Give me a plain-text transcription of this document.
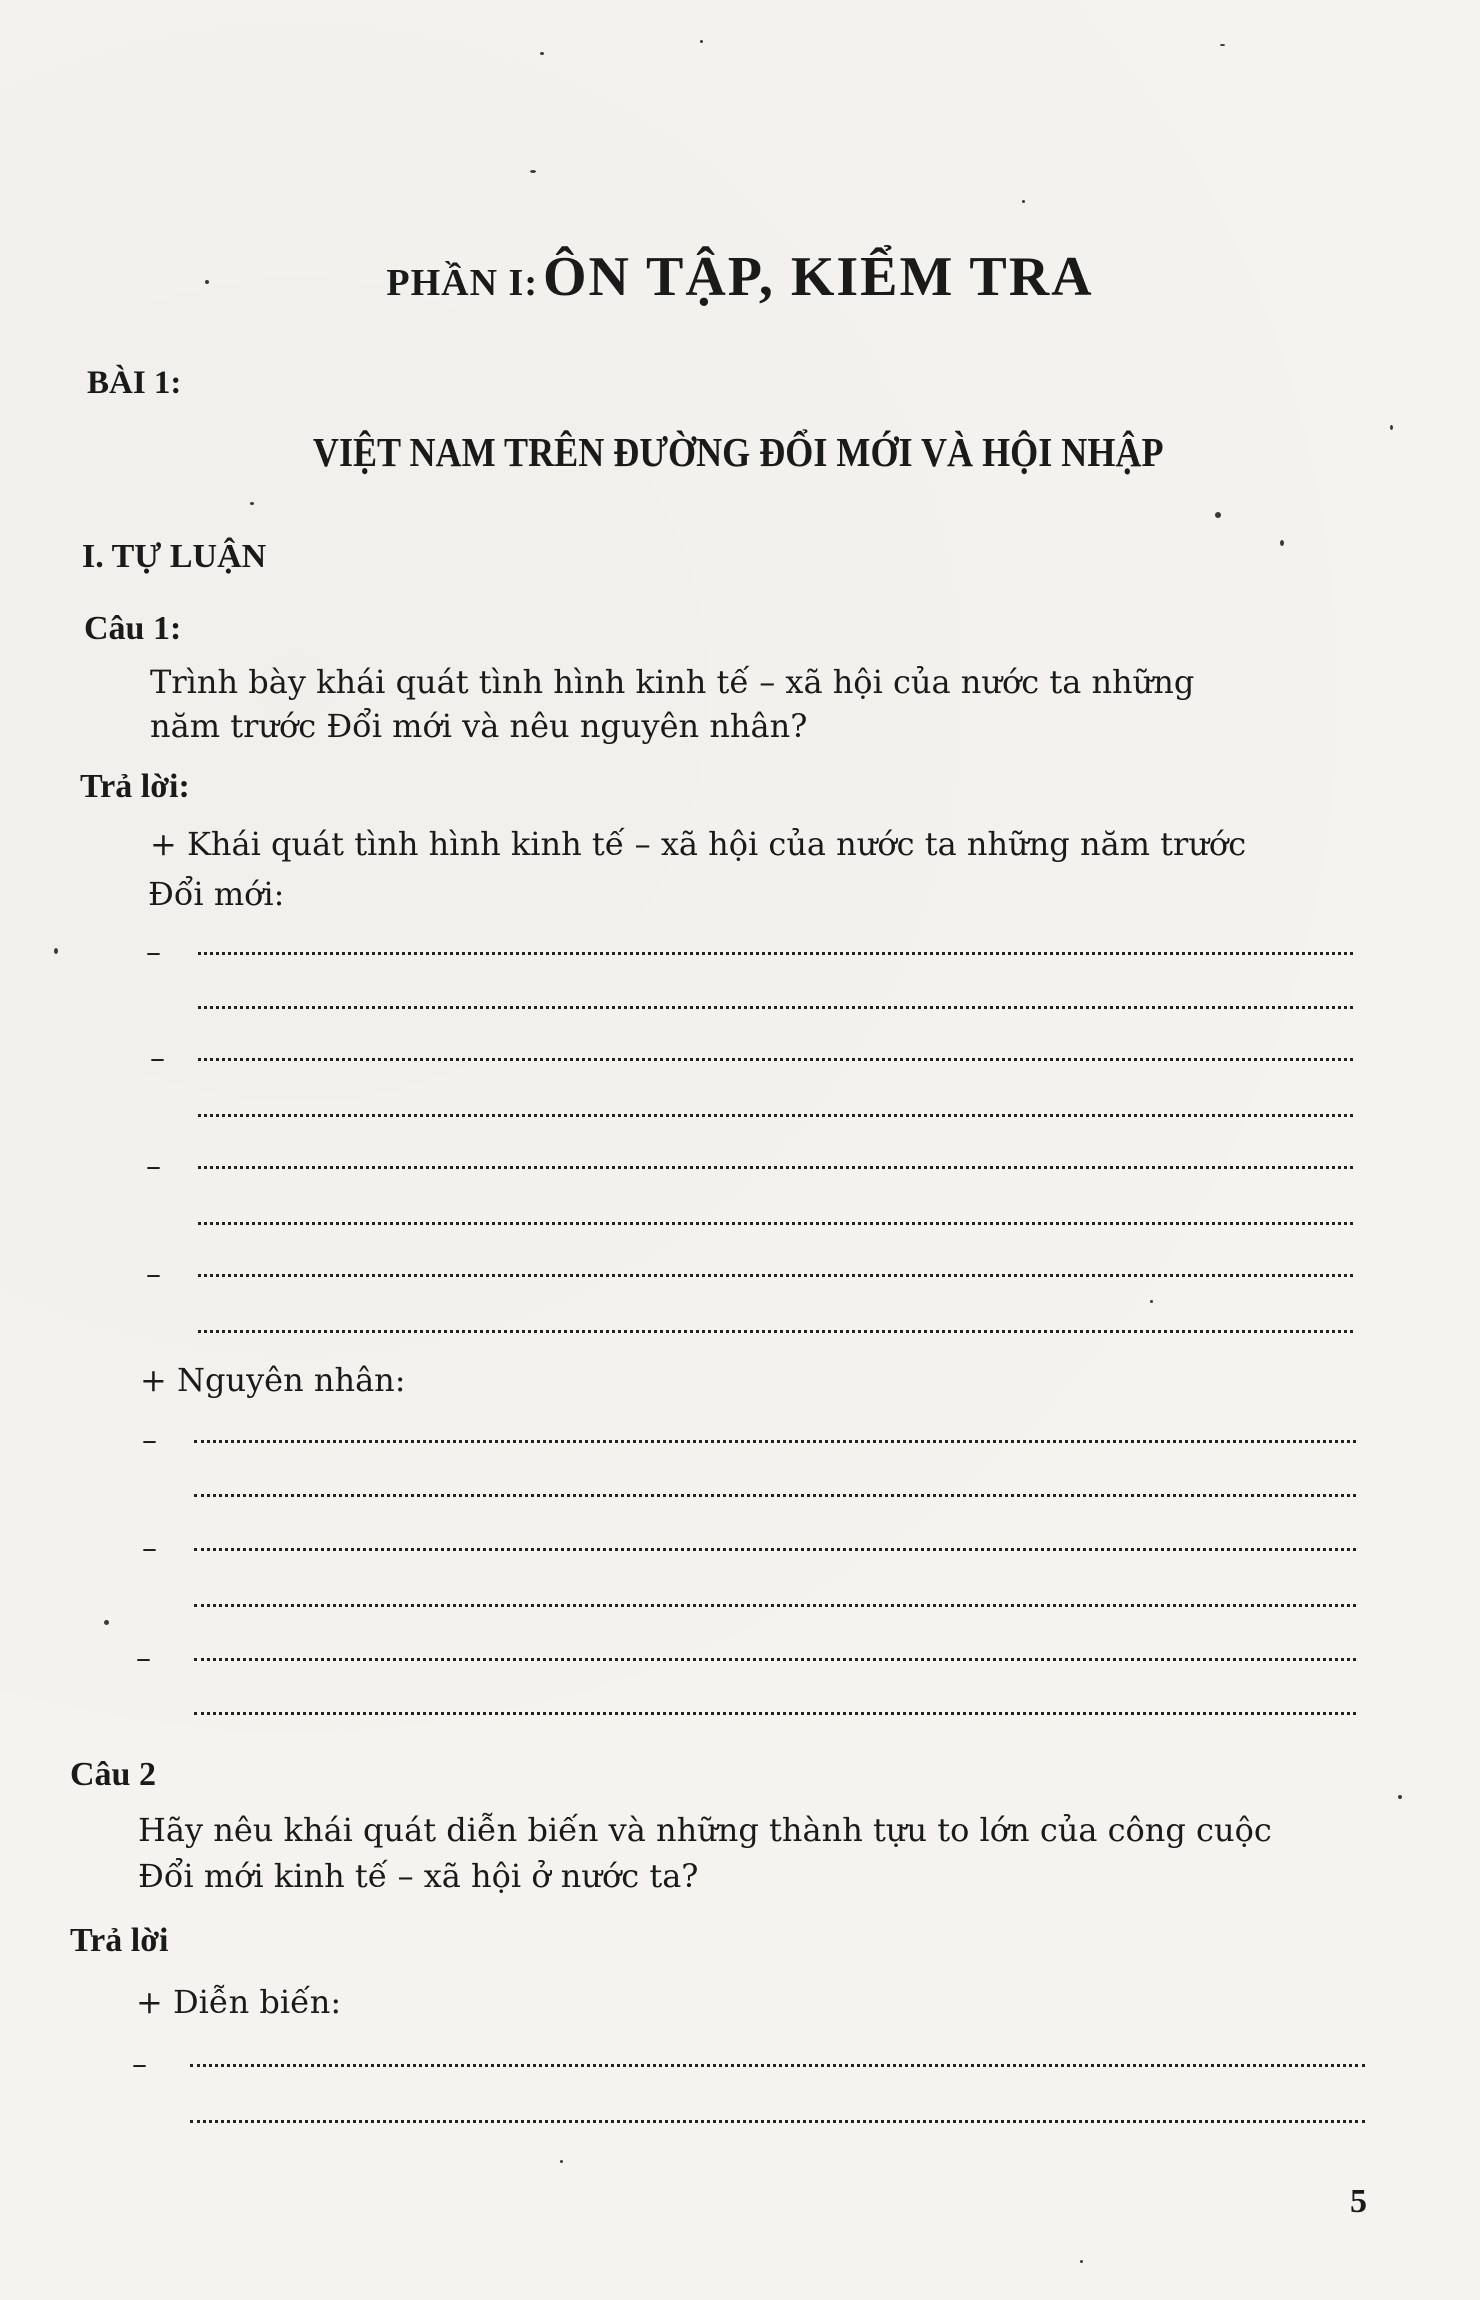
PHẦN I: ÔN TẬP, KIỂM TRA
BÀI 1:
VIỆT NAM TRÊN ĐƯỜNG ĐỔI MỚI VÀ HỘI NHẬP
I. TỰ LUẬN
Câu 1:
Trình bày khái quát tình hình kinh tế – xã hội của nước ta những
năm trước Đổi mới và nêu nguyên nhân?
Trả lời:
+ Khái quát tình hình kinh tế – xã hội của nước ta những năm trước
Đổi mới:
–
–
–
–
+ Nguyên nhân:
–
–
–
Câu 2
Hãy nêu khái quát diễn biến và những thành tựu to lớn của công cuộc
Đổi mới kinh tế – xã hội ở nước ta?
Trả lời
+ Diễn biến:
–
5
